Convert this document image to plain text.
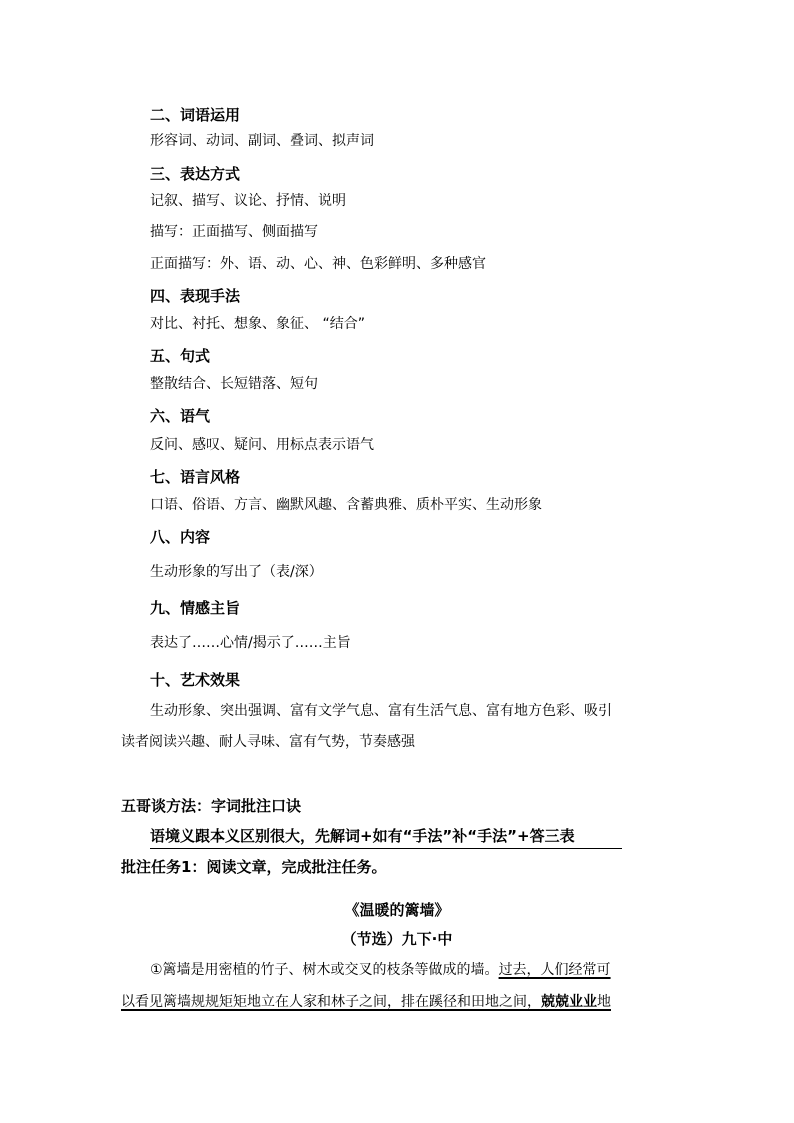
二、词语运用
形容词、动词、副词、叠词、拟声词
三、表达方式
记叙、描写、议论、抒情、说明
描写：正面描写、侧面描写
正面描写：外、语、动、心、神、色彩鲜明、多种感官
四、表现手法
对比、衬托、想象、象征、 “结合”
五、句式
整散结合、长短错落、短句
六、语气
反问、感叹、疑问、用标点表示语气
七、语言风格
口语、俗语、方言、幽默风趣、含蓄典雅、质朴平实、生动形象
八、内容
生动形象的写出了（表/深）
九、情感主旨
表达了……心情/揭示了……主旨
十、艺术效果
生动形象、突出强调、富有文学气息、富有生活气息、富有地方色彩、吸引
读者阅读兴趣、耐人寻味、富有气势，节奏感强
五哥谈方法：字词批注口诀
语境义跟本义区别很大，先解词+如有“手法”补“手法”+答三表
批注任务1：阅读文章，完成批注任务。
《温暖的篱墙》
（节选）九下·中
①篱墙是用密植的竹子、树木或交叉的枝条等做成的墙。过去，人们经常可
以看见篱墙规规矩矩地立在人家和林子之间，排在蹊径和田地之间，兢兢业业地
